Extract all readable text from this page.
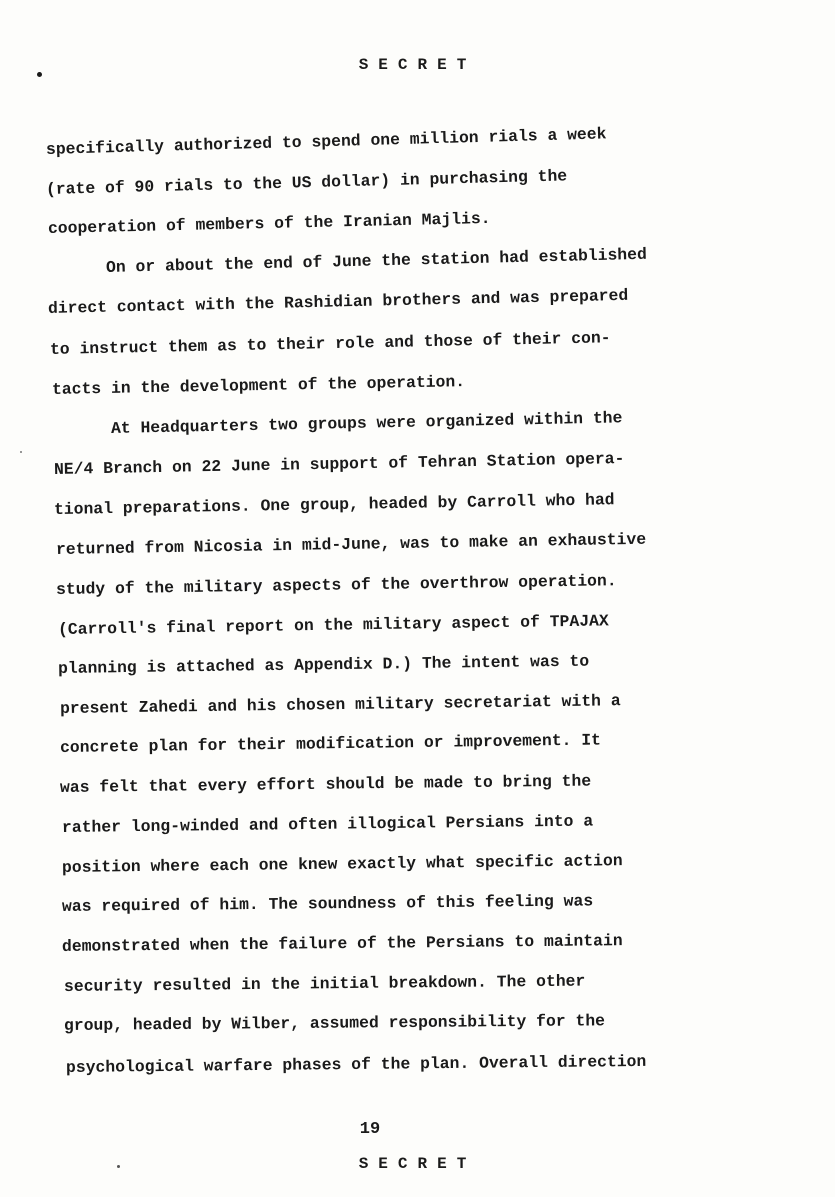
SECRET
specifically authorized to spend one million rials a week
(rate of 90 rials to the US dollar) in purchasing the
cooperation of members of the Iranian Majlis.
On or about the end of June the station had established
direct contact with the Rashidian brothers and was prepared
to instruct them as to their role and those of their con-
tacts in the development of the operation.
At Headquarters two groups were organized within the
NE/4 Branch on 22 June in support of Tehran Station opera-
tional preparations. One group, headed by Carroll who had
returned from Nicosia in mid-June, was to make an exhaustive
study of the military aspects of the overthrow operation.
(Carroll's final report on the military aspect of TPAJAX
planning is attached as Appendix D.) The intent was to
present Zahedi and his chosen military secretariat with a
concrete plan for their modification or improvement. It
was felt that every effort should be made to bring the
rather long-winded and often illogical Persians into a
position where each one knew exactly what specific action
was required of him. The soundness of this feeling was
demonstrated when the failure of the Persians to maintain
security resulted in the initial breakdown. The other
group, headed by Wilber, assumed responsibility for the
psychological warfare phases of the plan. Overall direction
19
SECRET
